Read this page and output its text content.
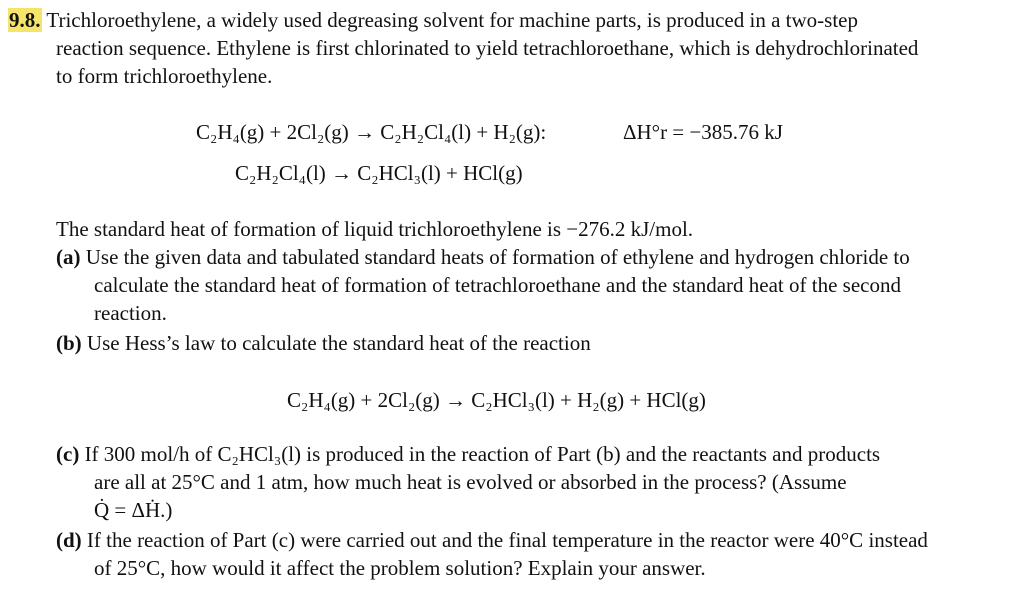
9.8. Trichloroethylene, a widely used degreasing solvent for machine parts, is produced in a two-step
reaction sequence. Ethylene is first chlorinated to yield tetrachloroethane, which is dehydrochlorinated
to form trichloroethylene.
C₂H₄(g) + 2Cl₂(g) → C₂H₂Cl₄(l) + H₂(g):	ΔH°r = −385.76 kJ
C₂H₂Cl₄(l) → C₂HCl₃(l) + HCl(g)
The standard heat of formation of liquid trichloroethylene is −276.2 kJ/mol.
(a) Use the given data and tabulated standard heats of formation of ethylene and hydrogen chloride to
calculate the standard heat of formation of tetrachloroethane and the standard heat of the second
reaction.
(b) Use Hess’s law to calculate the standard heat of the reaction
C₂H₄(g) + 2Cl₂(g) → C₂HCl₃(l) + H₂(g) + HCl(g)
(c) If 300 mol/h of C₂HCl₃(l) is produced in the reaction of Part (b) and the reactants and products
are all at 25°C and 1 atm, how much heat is evolved or absorbed in the process? (Assume
Q̇ = ΔḢ.)
(d) If the reaction of Part (c) were carried out and the final temperature in the reactor were 40°C instead
of 25°C, how would it affect the problem solution? Explain your answer.
